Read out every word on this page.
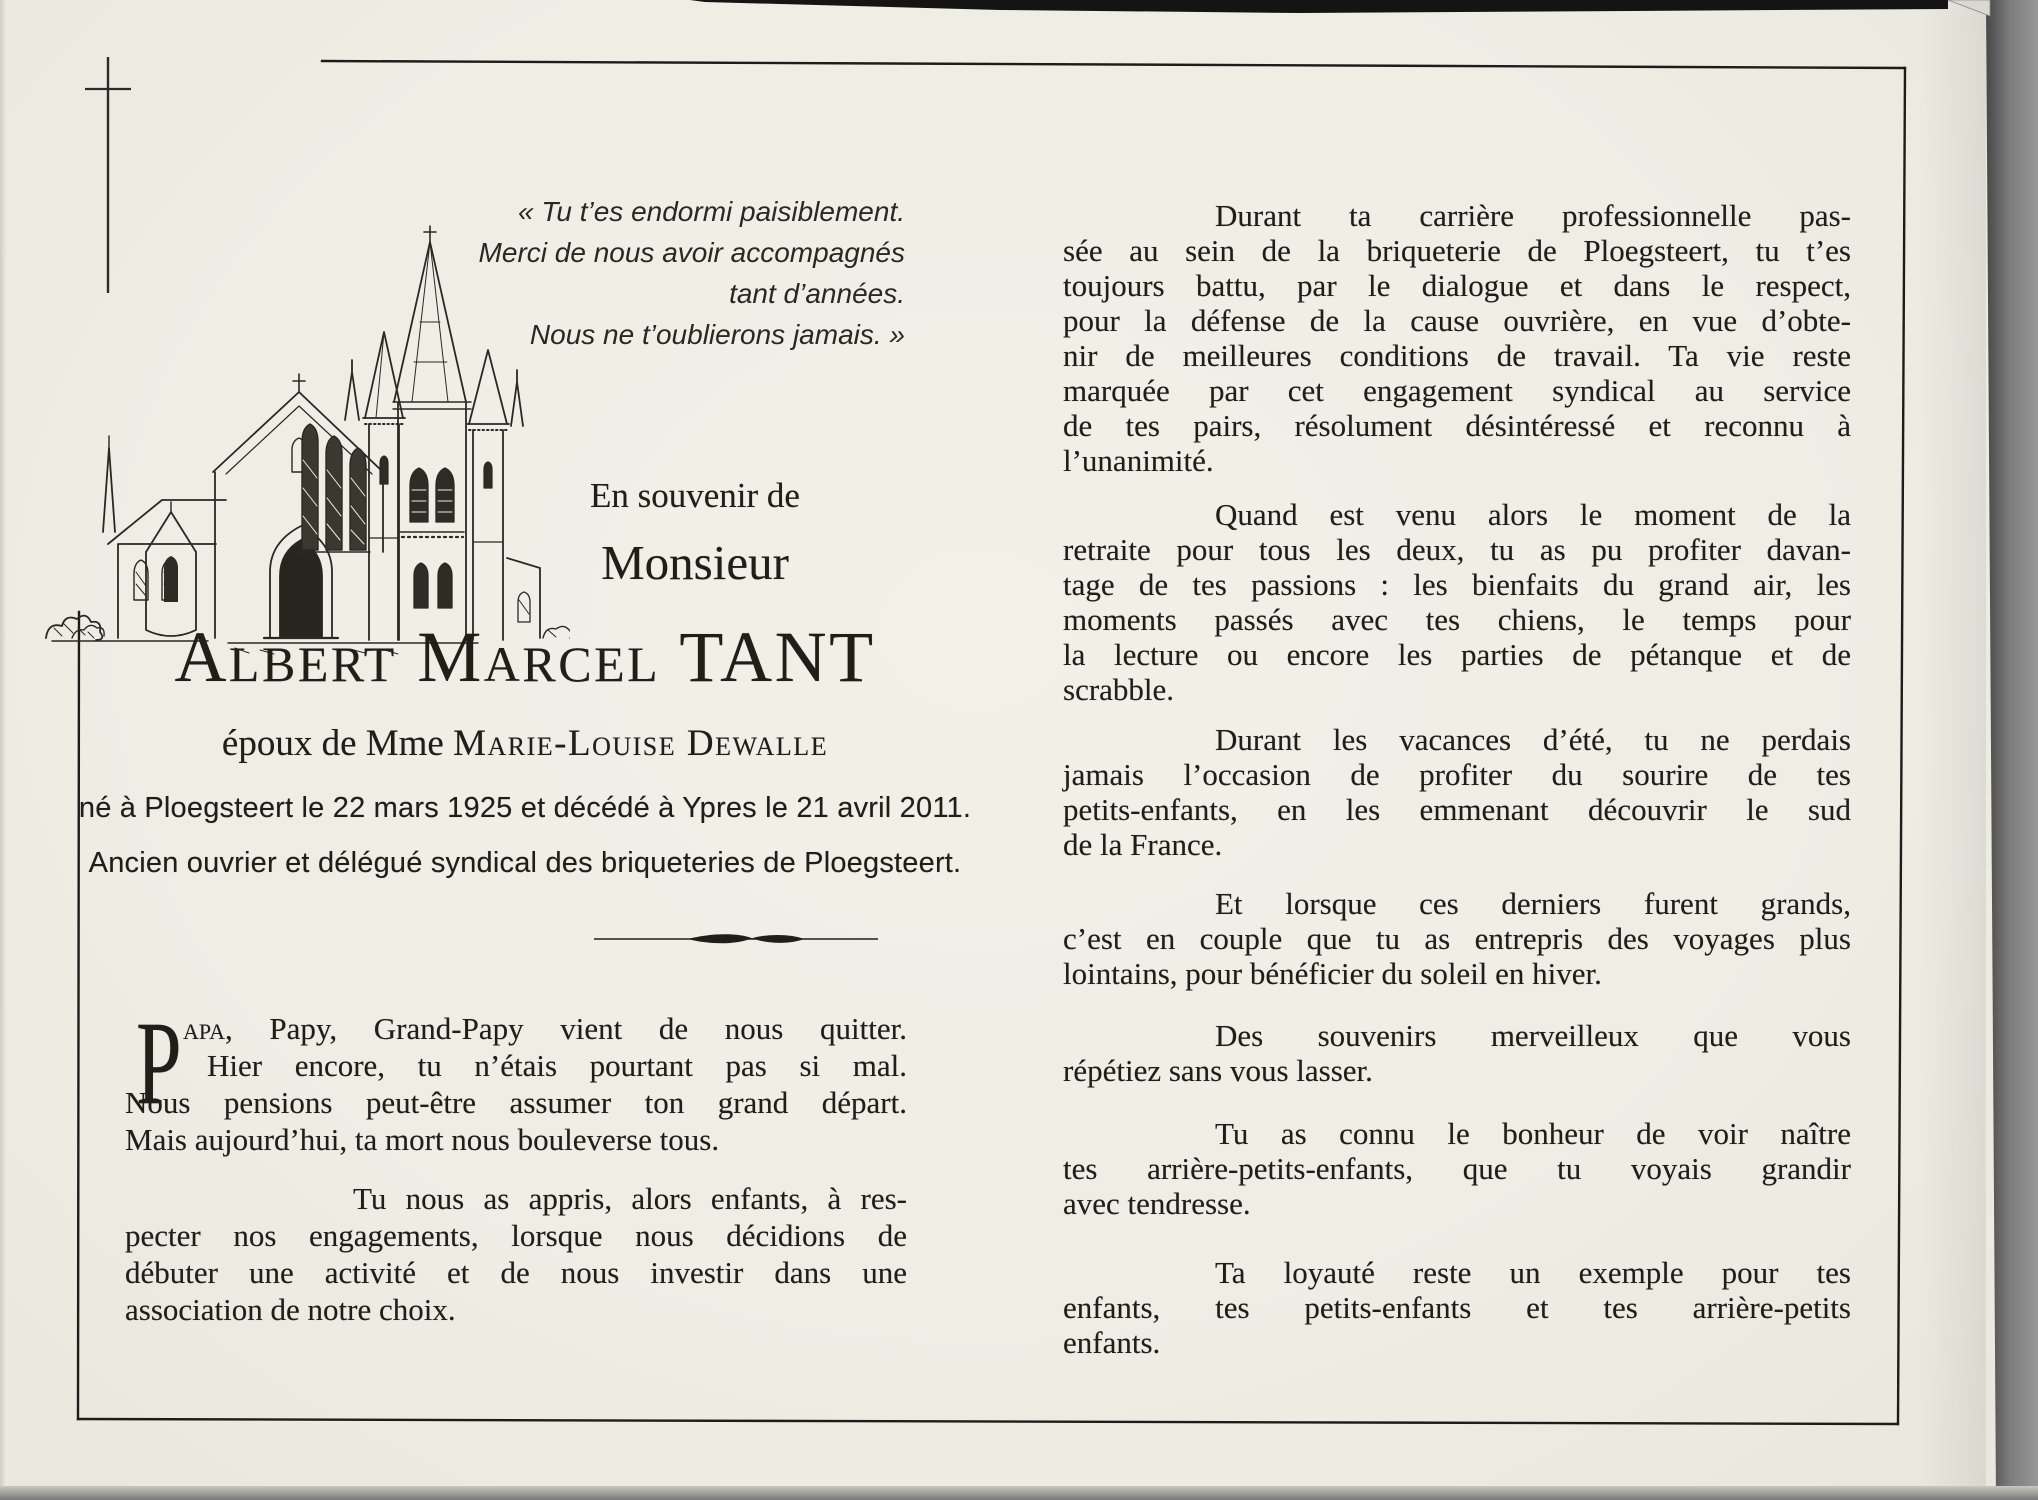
« Tu t’es endormi paisiblement.
Merci de nous avoir accompagnés
tant d’années.
Nous ne t’oublierons jamais. »
En souvenir de
Monsieur
Albert Marcel TANT
époux de Mme Marie-Louise Dewalle
né à Ploegsteert le 22 mars 1925 et décédé à Ypres le 21 avril 2011.
Ancien ouvrier et délégué syndical des briqueteries de Ploegsteert.
P apa, Papy, Grand-Papy vient de nous quitter.
Hier encore, tu n’étais pourtant pas si mal.
Nous pensions peut-être assumer ton grand départ.
Mais aujourd’hui, ta mort nous bouleverse tous.
Tu nous as appris, alors enfants, à res-
pecter nos engagements, lorsque nous décidions de
débuter une activité et de nous investir dans une
association de notre choix.
Durant ta carrière professionnelle pas-
sée au sein de la briqueterie de Ploegsteert, tu t’es
toujours battu, par le dialogue et dans le respect,
pour la défense de la cause ouvrière, en vue d’obte-
nir de meilleures conditions de travail. Ta vie reste
marquée par cet engagement syndical au service
de tes pairs, résolument désintéressé et reconnu à
l’unanimité.
Quand est venu alors le moment de la
retraite pour tous les deux, tu as pu profiter davan-
tage de tes passions : les bienfaits du grand air, les
moments passés avec tes chiens, le temps pour
la lecture ou encore les parties de pétanque et de
scrabble.
Durant les vacances d’été, tu ne perdais
jamais l’occasion de profiter du sourire de tes
petits-enfants, en les emmenant découvrir le sud
de la France.
Et lorsque ces derniers furent grands,
c’est en couple que tu as entrepris des voyages plus
lointains, pour bénéficier du soleil en hiver.
Des souvenirs merveilleux que vous
répétiez sans vous lasser.
Tu as connu le bonheur de voir naître
tes arrière-petits-enfants, que tu voyais grandir
avec tendresse.
Ta loyauté reste un exemple pour tes
enfants, tes petits-enfants et tes arrière-petits
enfants.
